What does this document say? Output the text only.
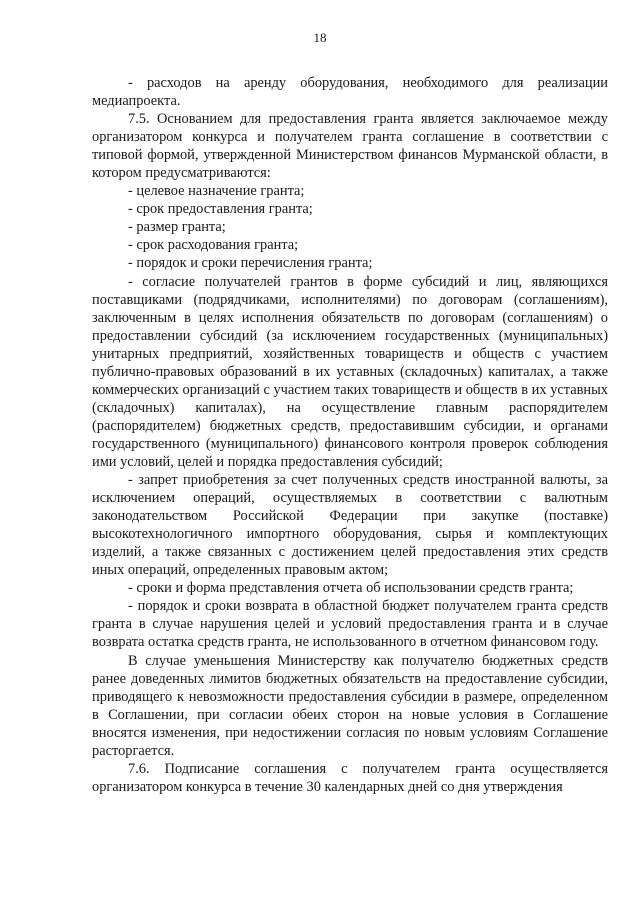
18

- расходов на аренду оборудования, необходимого для реализации медиапроекта.

7.5. Основанием для предоставления гранта является заключаемое между организатором конкурса и получателем гранта соглашение в соответствии с типовой формой, утвержденной Министерством финансов Мурманской области, в котором предусматриваются:

- целевое назначение гранта;

- срок предоставления гранта;

- размер гранта;

- срок расходования гранта;

- порядок и сроки перечисления гранта;

- согласие получателей грантов в форме субсидий и лиц, являющихся поставщиками (подрядчиками, исполнителями) по договорам (соглашениям), заключенным в целях исполнения обязательств по договорам (соглашениям) о предоставлении субсидий (за исключением государственных (муниципальных) унитарных предприятий, хозяйственных товариществ и обществ с участием публично-правовых образований в их уставных (складочных) капиталах, а также коммерческих организаций с участием таких товариществ и обществ в их уставных (складочных) капиталах), на осуществление главным распорядителем (распорядителем) бюджетных средств, предоставившим субсидии, и органами государственного (муниципального) финансового контроля проверок соблюдения ими условий, целей и порядка предоставления субсидий;

- запрет приобретения за счет полученных средств иностранной валюты, за исключением операций, осуществляемых в соответствии с валютным законодательством Российской Федерации при закупке (поставке) высокотехнологичного импортного оборудования, сырья и комплектующих изделий, а также связанных с достижением целей предоставления этих средств иных операций, определенных правовым актом;

- сроки и форма представления отчета об использовании средств гранта;

- порядок и сроки возврата в областной бюджет получателем гранта средств гранта в случае нарушения целей и условий предоставления гранта и в случае возврата остатка средств гранта, не использованного в отчетном финансовом году.

В случае уменьшения Министерству как получателю бюджетных средств ранее доведенных лимитов бюджетных обязательств на предоставление субсидии, приводящего к невозможности предоставления субсидии в размере, определенном в Соглашении, при согласии обеих сторон на новые условия в Соглашение вносятся изменения, при недостижении согласия по новым условиям Соглашение расторгается.

7.6. Подписание соглашения с получателем гранта осуществляется организатором конкурса в течение 30 календарных дней со дня утверждения
